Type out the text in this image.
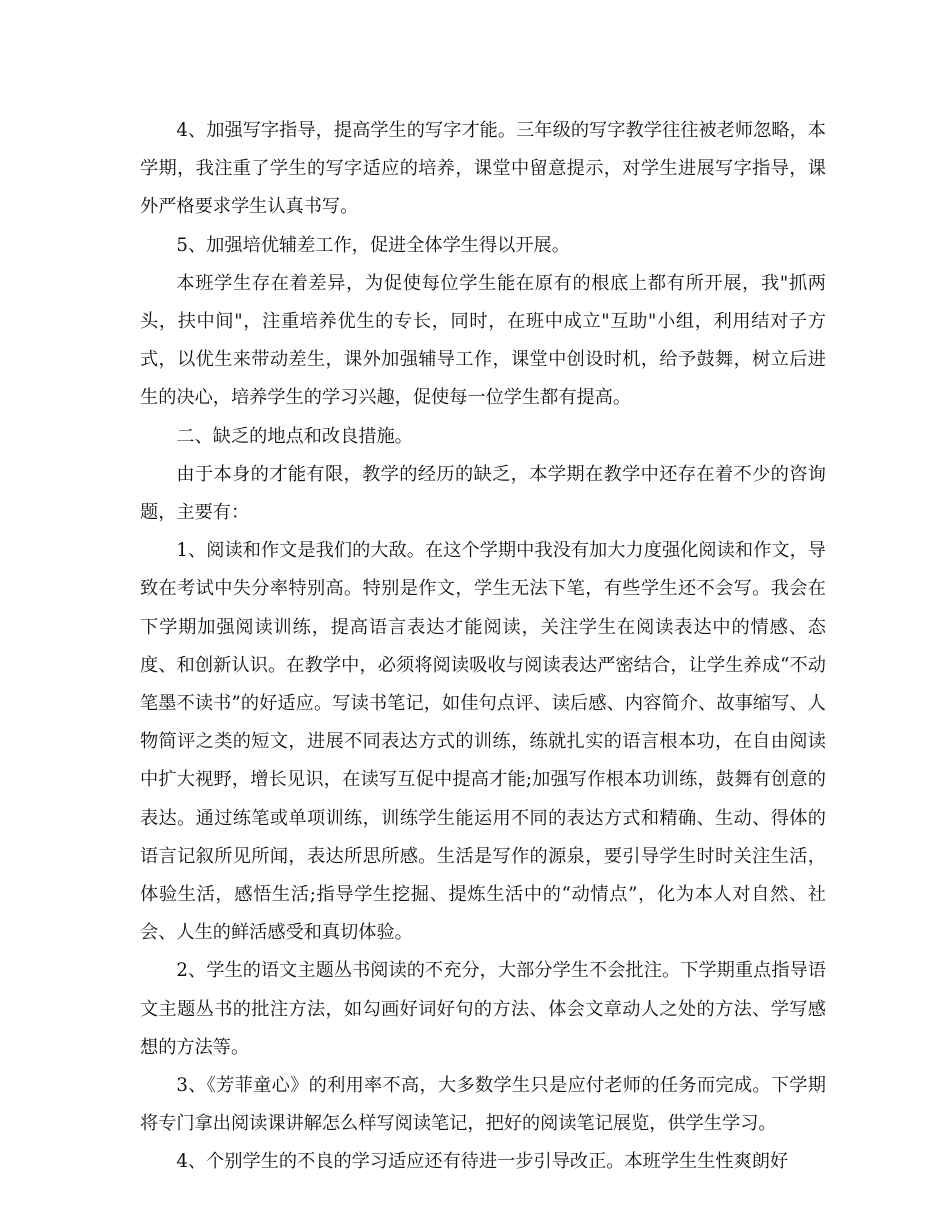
4、加强写字指导，提高学生的写字才能。三年级的写字教学往往被老师忽略，本学期，我注重了学生的写字适应的培养，课堂中留意提示，对学生进展写字指导，课外严格要求学生认真书写。

5、加强培优辅差工作，促进全体学生得以开展。

本班学生存在着差异，为促使每位学生能在原有的根底上都有所开展，我"抓两头，扶中间"，注重培养优生的专长，同时，在班中成立"互助"小组，利用结对子方式，以优生来带动差生，课外加强辅导工作，课堂中创设时机，给予鼓舞，树立后进生的决心，培养学生的学习兴趣，促使每一位学生都有提高。

二、缺乏的地点和改良措施。

由于本身的才能有限，教学的经历的缺乏，本学期在教学中还存在着不少的咨询题，主要有：

1、阅读和作文是我们的大敌。在这个学期中我没有加大力度强化阅读和作文，导致在考试中失分率特别高。特别是作文，学生无法下笔，有些学生还不会写。我会在下学期加强阅读训练，提高语言表达才能阅读，关注学生在阅读表达中的情感、态度、和创新认识。在教学中，必须将阅读吸收与阅读表达严密结合，让学生养成“不动笔墨不读书”的好适应。写读书笔记，如佳句点评、读后感、内容简介、故事缩写、人物简评之类的短文，进展不同表达方式的训练，练就扎实的语言根本功，在自由阅读中扩大视野，增长见识，在读写互促中提高才能;加强写作根本功训练，鼓舞有创意的表达。通过练笔或单项训练，训练学生能运用不同的表达方式和精确、生动、得体的语言记叙所见所闻，表达所思所感。生活是写作的源泉，要引导学生时时关注生活，体验生活，感悟生活;指导学生挖掘、提炼生活中的“动情点”，化为本人对自然、社会、人生的鲜活感受和真切体验。

2、学生的语文主题丛书阅读的不充分，大部分学生不会批注。下学期重点指导语文主题丛书的批注方法，如勾画好词好句的方法、体会文章动人之处的方法、学写感想的方法等。

3、《芳菲童心》的利用率不高，大多数学生只是应付老师的任务而完成。下学期将专门拿出阅读课讲解怎么样写阅读笔记，把好的阅读笔记展览，供学生学习。

4、个别学生的不良的学习适应还有待进一步引导改正。本班学生生性爽朗好
